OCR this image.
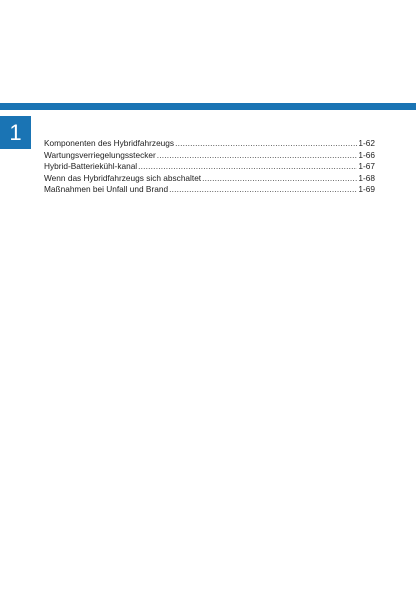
1	Komponenten des Hybridfahrzeugs .....	1-62
Wartungsverriegelungsstecker .....	1-66
Hybrid-Batteriekühl-kanal .....	1-67
Wenn das Hybridfahrzeugs sich abschaltet .....	1-68
Maßnahmen bei Unfall und Brand .....	1-69
